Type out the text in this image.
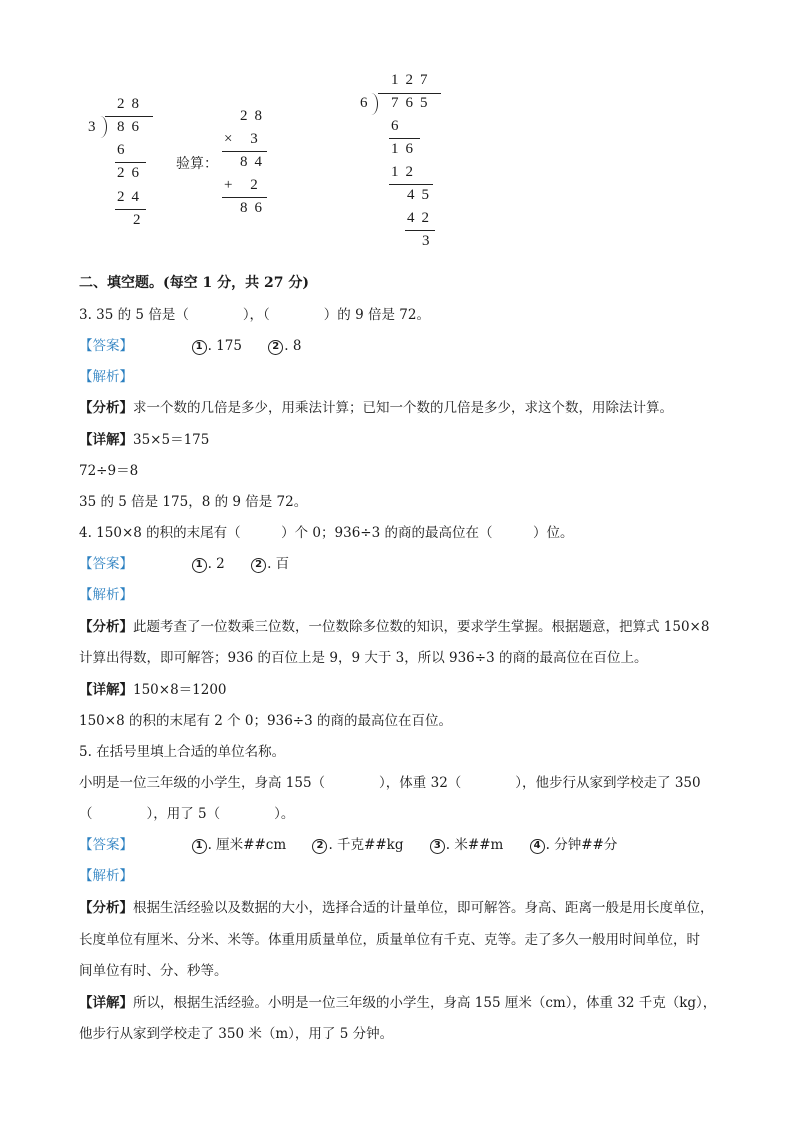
28
3 86
6
26
24
2
验算：
28
× 3
84
+ 2
86
127
6 765
6
16
12
45
42
3
二、填空题。(每空 1 分，共 27 分)
3. 35 的 5 倍是（　　　　），（　　　　）的 9 倍是 72。
【答案】	1 . 175	2 . 8
【解析】
【分析】求一个数的几倍是多少，用乘法计算；已知一个数的几倍是多少，求这个数，用除法计算。
【详解】35×5＝175
72÷9＝8
35 的 5 倍是 175，8 的 9 倍是 72。
4. 150×8 的积的末尾有（　　　）个 0；936÷3 的商的最高位在（　　　）位。
【答案】	1 . 2	2 . 百
【解析】
【分析】此题考查了一位数乘三位数，一位数除多位数的知识，要求学生掌握。根据题意，把算式 150×8
计算出得数，即可解答；936 的百位上是 9，9 大于 3，所以 936÷3 的商的最高位在百位上。
【详解】150×8＝1200
150×8 的积的末尾有 2 个 0；936÷3 的商的最高位在百位。
5. 在括号里填上合适的单位名称。
小明是一位三年级的小学生，身高 155（　　　　），体重 32（　　　　），他步行从家到学校走了 350
（　　　　），用了 5（　　　　）。
【答案】	1 . 厘米##cm	2 . 千克##kg	3 . 米##m	4 . 分钟##分
【解析】
【分析】根据生活经验以及数据的大小，选择合适的计量单位，即可解答。身高、距离一般是用长度单位，
长度单位有厘米、分米、米等。体重用质量单位，质量单位有千克、克等。走了多久一般用时间单位，时
间单位有时、分、秒等。
【详解】所以，根据生活经验。小明是一位三年级的小学生，身高 155 厘米（cm），体重 32 千克（kg），
他步行从家到学校走了 350 米（m），用了 5 分钟。
